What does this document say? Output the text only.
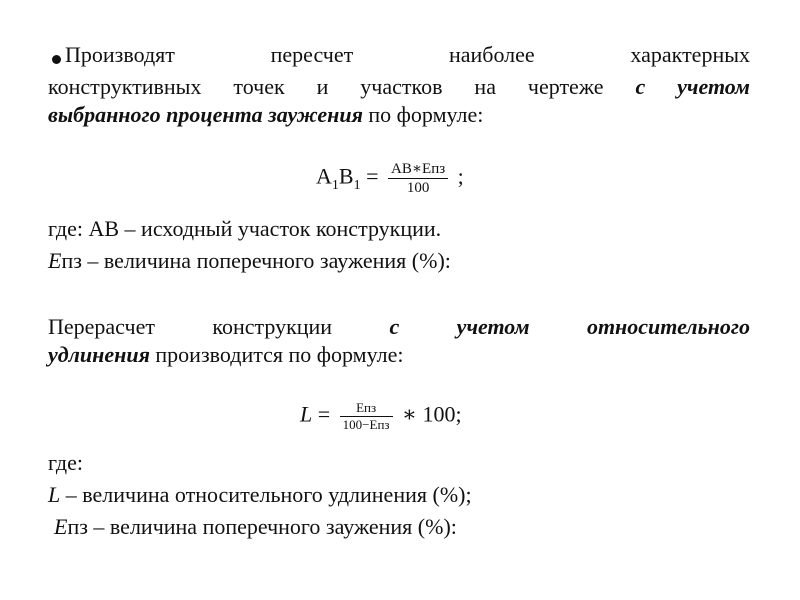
Производят пересчет наиболее характерных
конструктивных точек и участков на чертеже с учетом
выбранного процента заужения по формуле:
$A_1B_1 = \frac{\text{AB∗Eпз}}{100}$ ;
где: AB – исходный участок конструкции.
Eпз – величина поперечного заужения (%):
Перерасчет конструкции	с учетом относительного
удлинения производится по формуле:
$L = \frac{\text{Eпз}}{\text{100−Eпз}}$ ∗ 100;
где:
L – величина относительного удлинения (%);
Eпз – величина поперечного заужения (%):
